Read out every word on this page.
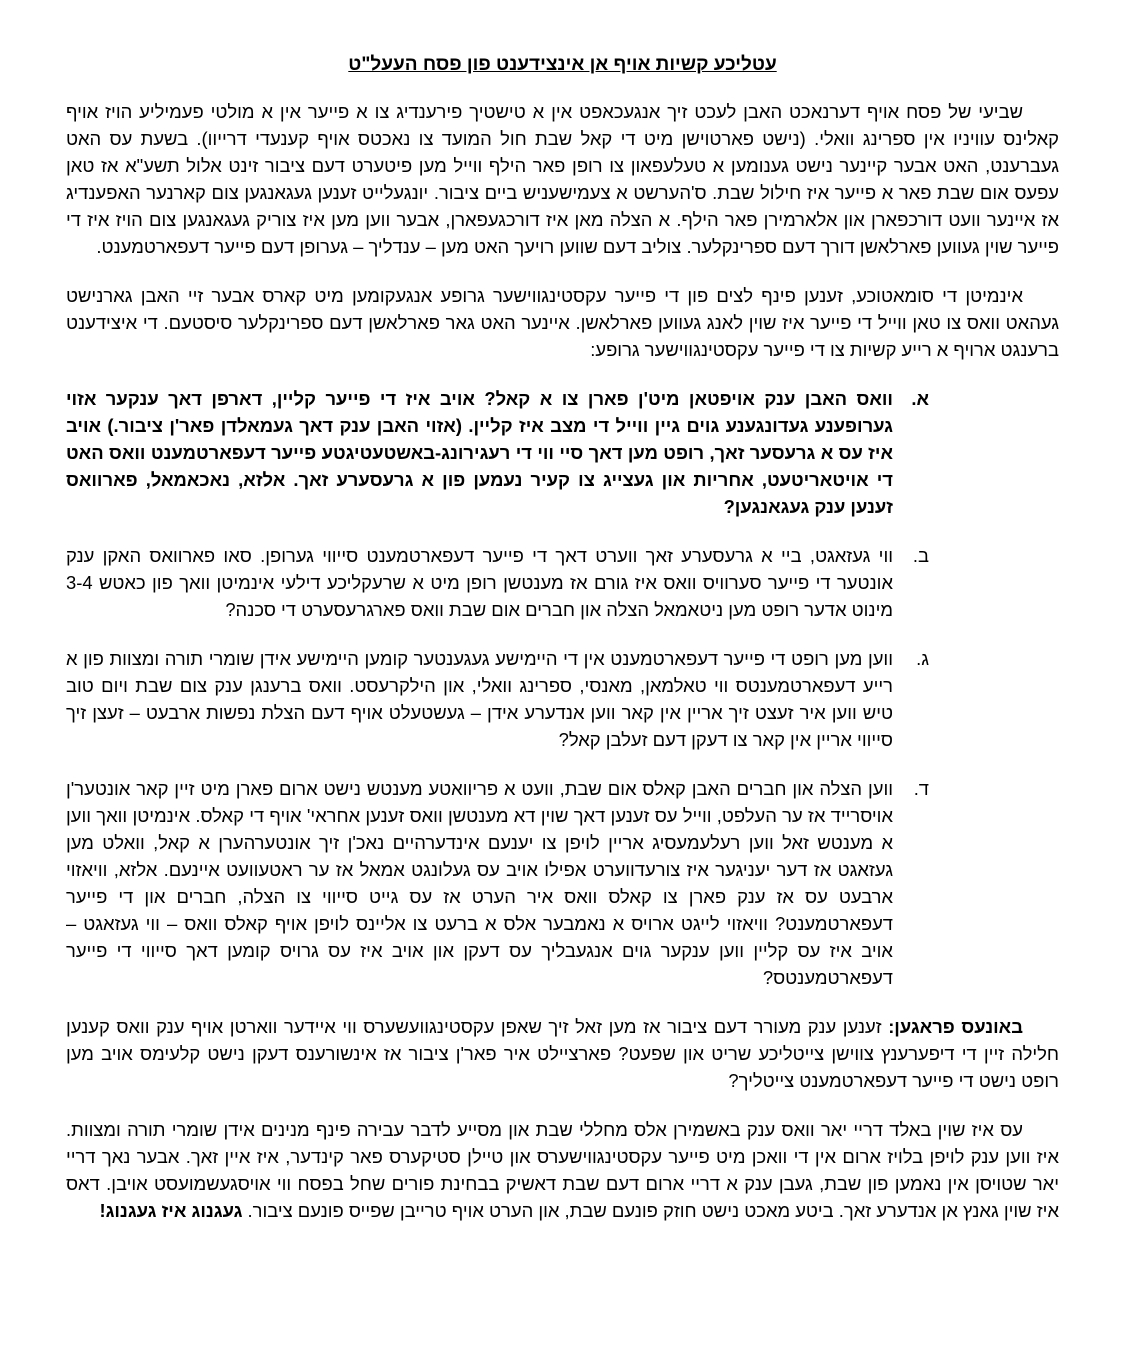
עטליכע קשיות אויף אן אינצידענט פון פסח העעל"ט

שביעי של פסח אויף דערנאכט האבן לעכט זיך אנגעכאפט אין א טישטיך פירענדיג צו א פייער אין א מולטי פעמיליע הויז אויף קאלינס עוויניו אין ספרינג וואלי. (נישט פארטוישן מיט די קאל שבת חול המועד צו נאכטס אויף קענעדי דרייוו). בשעת עס האט געברענט, האט אבער קיינער נישט גענומען א טעלעפאון צו רופן פאר הילף ווייל מען פיטערט דעם ציבור זינט אלול תשע"א אז טאן עפעס אום שבת פאר א פייער איז חילול שבת. ס'הערשט א צעמישעניש ביים ציבור. יונגעלייט זענען געגאנגען צום קארנער האפענדיג אז איינער וועט דורכפארן און אלארמירן פאר הילף. א הצלה מאן איז דורכגעפארן, אבער ווען מען איז צוריק געגאנגען צום הויז איז די פייער שוין געווען פארלאשן דורך דעם ספרינקלער. צוליב דעם שווען רויעך האט מען – ענדליך – גערופן דעם פייער דעפארטמענט.

אינמיטן די סומאטוכע, זענען פינף לצים פון די פייער עקסטינגווישער גרופע אנגעקומען מיט קארס אבער זיי האבן גארנישט געהאט וואס צו טאן ווייל די פייער איז שוין לאנג געווען פארלאשן. איינער האט גאר פארלאשן דעם ספרינקלער סיסטעם. די איצידענט ברענגט ארויף א רייע קשיות צו די פייער עקסטינגווישער גרופע:

א.
וואס האבן ענק אויפטאן מיט'ן פארן צו א קאל? אויב איז די פייער קליין, דארפן דאך ענקער אזוי גערופענע געדונגענע גוים גיין ווייל די מצב איז קליין. (אזוי האבן ענק דאך געמאלדן פאר'ן ציבור.) אויב איז עס א גרעסער זאך, רופט מען דאך סיי ווי די רעגירונג-באשטעטיגטע פייער דעפארטמענט וואס האט די אויטאריטעט, אחריות און געצייג צו קעיר נעמען פון א גרעסערע זאך. אלזא, נאכאמאל, פארוואס זענען ענק געגאנגען?
ב.
ווי געזאגט, ביי א גרעסערע זאך ווערט דאך די פייער דעפארטמענט סייווי גערופן. סאו פארוואס האקן ענק אונטער די פייער סערוויס וואס איז גורם אז מענטשן רופן מיט א שרעקליכע דילעי אינמיטן וואך פון כאטש 3-4 מינוט אדער רופט מען ניטאמאל הצלה און חברים אום שבת וואס פארגרעסערט די סכנה?
ג.
ווען מען רופט די פייער דעפארטמענט אין די היימישע געגענטער קומען היימישע אידן שומרי תורה ומצוות פון א רייע דעפארטמענטס ווי טאלמאן, מאנסי, ספרינג וואלי, און הילקרעסט. וואס ברענגן ענק צום שבת ויום טוב טיש ווען איר זעצט זיך אריין אין קאר ווען אנדערע אידן – געשטעלט אויף דעם הצלת נפשות ארבעט – זעצן זיך סייווי אריין אין קאר צו דעקן דעם זעלבן קאל?
ד.
ווען הצלה און חברים האבן קאלס אום שבת, וועט א פריוואטע מענטש נישט ארום פארן מיט זיין קאר אונטער'ן אויסרייד אז ער העלפט, ווייל עס זענען דאך שוין דא מענטשן וואס זענען אחראי' אויף די קאלס. אינמיטן וואך ווען א מענטש זאל ווען רעלעמעסיג אריין לויפן צו יענעם אינדערהיים נאכ'ן זיך אונטערהערן א קאל, וואלט מען געזאגט אז דער יעניגער איז צורעדווערט אפילו אויב עס געלונגט אמאל אז ער ראטעוועט איינעם. אלזא, וויאזוי ארבעט עס אז ענק פארן צו קאלס וואס איר הערט אז עס גייט סייווי צו הצלה, חברים און די פייער דעפארטמענט? וויאזוי לייגט ארויס א נאמבער אלס א ברעט צו אליינס לויפן אויף קאלס וואס – ווי געזאגט – אויב איז עס קליין ווען ענקער גוים אנגעבליך עס דעקן און אויב איז עס גרויס קומען דאך סייווי די פייער דעפארטמענטס?

באונעס פראגען: זענען ענק מעורר דעם ציבור אז מען זאל זיך שאפן עקסטינגוועשערס ווי איידער ווארטן אויף ענק וואס קענען חלילה זיין די דיפערענץ צווישן צייטליכע שריט און שפעט? פארציילט איר פאר'ן ציבור אז אינשורענס דעקן נישט קלעימס אויב מען רופט נישט די פייער דעפארטמענט צייטליך?

עס איז שוין באלד דריי יאר וואס ענק באשמירן אלס מחללי שבת און מסייע לדבר עבירה פינף מנינים אידן שומרי תורה ומצוות. איז ווען ענק לויפן בלויז ארום אין די וואכן מיט פייער עקסטינגווישערס און טיילן סטיקערס פאר קינדער, איז איין זאך. אבער נאך דריי יאר שטויסן אין נאמען פון שבת, געבן ענק א דריי ארום דעם שבת דאשיק בבחינת פורים שחל בפסח ווי אויסגעשמועסט אויבן. דאס איז שוין גאנץ אן אנדערע זאך. ביטע מאכט נישט חוזק פונעם שבת, און הערט אויף טרייבן שפייס פונעם ציבור. געגנוג איז געגנוג!
